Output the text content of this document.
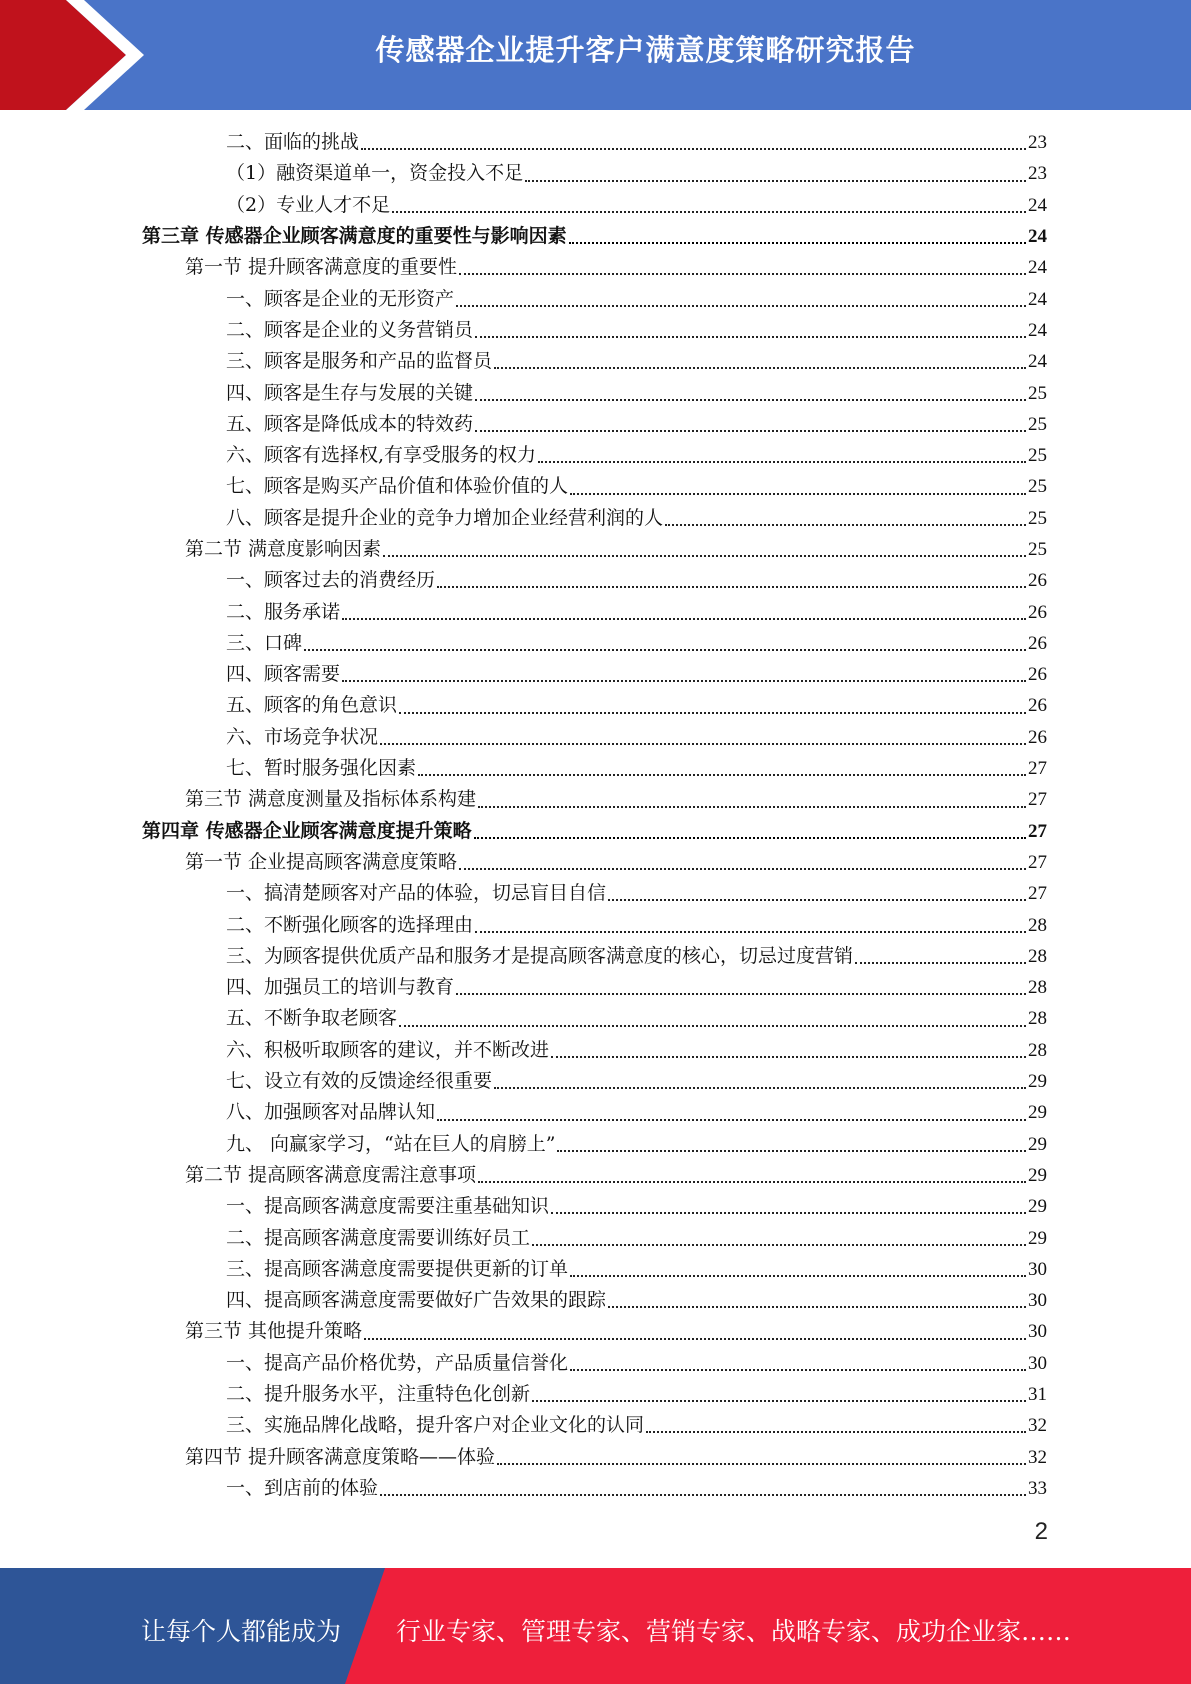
传感器企业提升客户满意度策略研究报告
二、面临的挑战	23
（1）融资渠道单一，资金投入不足	23
（2）专业人才不足	24
第三章 传感器企业顾客满意度的重要性与影响因素	24
第一节 提升顾客满意度的重要性	24
一、顾客是企业的无形资产	24
二、顾客是企业的义务营销员	24
三、顾客是服务和产品的监督员	24
四、顾客是生存与发展的关键	25
五、顾客是降低成本的特效药	25
六、顾客有选择权,有享受服务的权力	25
七、顾客是购买产品价值和体验价值的人	25
八、顾客是提升企业的竞争力增加企业经营利润的人	25
第二节 满意度影响因素	25
一、顾客过去的消费经历	26
二、服务承诺	26
三、口碑	26
四、顾客需要	26
五、顾客的角色意识	26
六、市场竞争状况	26
七、暂时服务强化因素	27
第三节 满意度测量及指标体系构建	27
第四章 传感器企业顾客满意度提升策略	27
第一节 企业提高顾客满意度策略	27
一、搞清楚顾客对产品的体验，切忌盲目自信	27
二、不断强化顾客的选择理由	28
三、为顾客提供优质产品和服务才是提高顾客满意度的核心，切忌过度营销	28
四、加强员工的培训与教育	28
五、不断争取老顾客	28
六、积极听取顾客的建议，并不断改进	28
七、设立有效的反馈途经很重要	29
八、加强顾客对品牌认知	29
九、 向赢家学习，“站在巨人的肩膀上”	29
第二节 提高顾客满意度需注意事项	29
一、提高顾客满意度需要注重基础知识	29
二、提高顾客满意度需要训练好员工	29
三、提高顾客满意度需要提供更新的订单	30
四、提高顾客满意度需要做好广告效果的跟踪	30
第三节 其他提升策略	30
一、提高产品价格优势，产品质量信誉化	30
二、提升服务水平，注重特色化创新	31
三、实施品牌化战略，提升客户对企业文化的认同	32
第四节 提升顾客满意度策略——体验	32
一、到店前的体验	33
2
让每个人都能成为 行业专家、管理专家、营销专家、战略专家、成功企业家……
